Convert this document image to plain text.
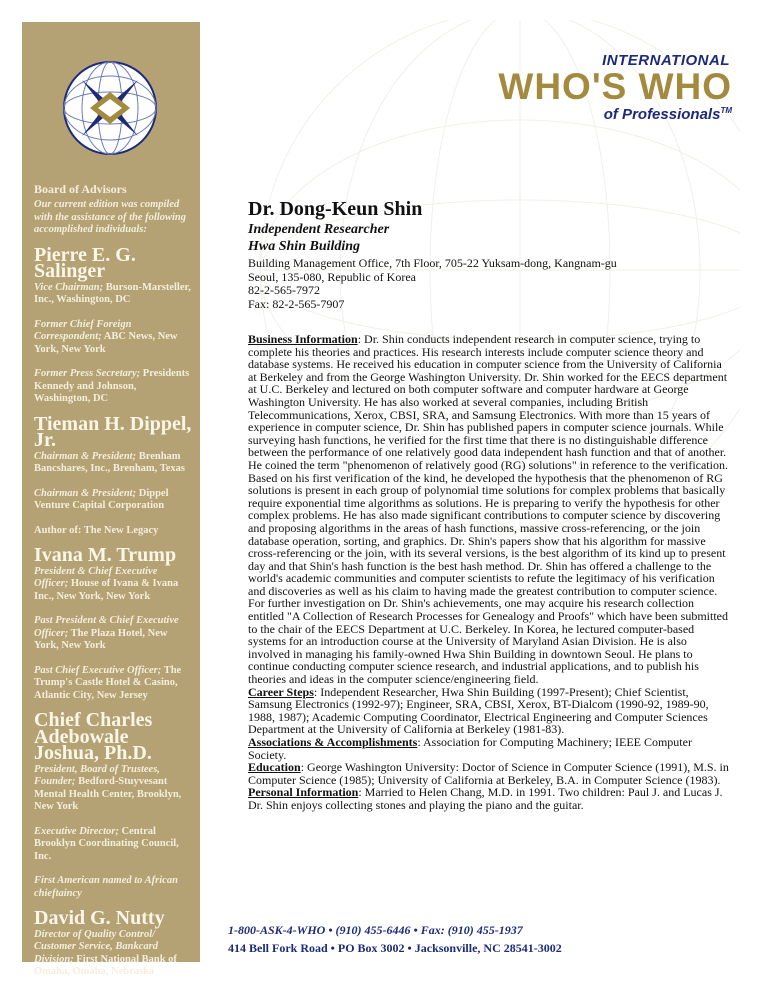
Board of Advisors
Our current edition was compiled with the assistance of the following accomplished individuals:
Pierre E. G. Salinger
Vice Chairman; Burson-Marsteller, Inc., Washington, DC
Former Chief Foreign Correspondent; ABC News, New York, New York
Former Press Secretary; Presidents Kennedy and Johnson, Washington, DC
Tieman H. Dippel, Jr.
Chairman & President; Brenham Bancshares, Inc., Brenham, Texas
Chairman & President; Dippel Venture Capital Corporation
Author of: The New Legacy
Ivana M. Trump
President & Chief Executive Officer; House of Ivana & Ivana Inc., New York, New York
Past President & Chief Executive Officer; The Plaza Hotel, New York, New York
Past Chief Executive Officer; The Trump's Castle Hotel & Casino, Atlantic City, New Jersey
Chief Charles Adebowale Joshua, Ph.D.
President, Board of Trustees, Founder; Bedford-Stuyvesant Mental Health Center, Brooklyn, New York
Executive Director; Central Brooklyn Coordinating Council, Inc.
First American named to African chieftaincy
David G. Nutty
Director of Quality Control/ Customer Service, Bankcard Division; First National Bank of Omaha, Omaha, Nebraska
INTERNATIONAL
WHO'S WHO
of Professionals™
Dr. Dong-Keun Shin
Independent Researcher
Hwa Shin Building
Building Management Office, 7th Floor, 705-22 Yuksam-dong, Kangnam-gu
Seoul, 135-080, Republic of Korea
82-2-565-7972
Fax: 82-2-565-7907

Business Information: Dr. Shin conducts independent research in computer science, trying to complete his theories and practices. His research interests include computer science theory and database systems. He received his education in computer science from the University of California at Berkeley and from the George Washington University. Dr. Shin worked for the EECS department at U.C. Berkeley and lectured on both computer software and computer hardware at George Washington University. He has also worked at several companies, including British Telecommunications, Xerox, CBSI, SRA, and Samsung Electronics. With more than 15 years of experience in computer science, Dr. Shin has published papers in computer science journals. While surveying hash functions, he verified for the first time that there is no distinguishable difference between the performance of one relatively good data independent hash function and that of another. He coined the term "phenomenon of relatively good (RG) solutions" in reference to the verification. Based on his first verification of the kind, he developed the hypothesis that the phenomenon of RG solutions is present in each group of polynomial time solutions for complex problems that basically require exponential time algorithms as solutions. He is preparing to verify the hypothesis for other complex problems. He has also made significant contributions to computer science by discovering and proposing algorithms in the areas of hash functions, massive cross-referencing, or the join database operation, sorting, and graphics. Dr. Shin's papers show that his algorithm for massive cross-referencing or the join, with its several versions, is the best algorithm of its kind up to present day and that Shin's hash function is the best hash method. Dr. Shin has offered a challenge to the world's academic communities and computer scientists to refute the legitimacy of his verification and discoveries as well as his claim to having made the greatest contribution to computer science. For further investigation on Dr. Shin's achievements, one may acquire his research collection entitled "A Collection of Research Processes for Genealogy and Proofs" which have been submitted to the chair of the EECS Department at U.C. Berkeley. In Korea, he lectured computer-based systems for an introduction course at the University of Maryland Asian Division. He is also involved in managing his family-owned Hwa Shin Building in downtown Seoul. He plans to continue conducting computer science research, and industrial applications, and to publish his theories and ideas in the computer science/engineering field.

Career Steps: Independent Researcher, Hwa Shin Building (1997-Present); Chief Scientist, Samsung Electronics (1992-97); Engineer, SRA, CBSI, Xerox, BT-Dialcom (1990-92, 1989-90, 1988, 1987); Academic Computing Coordinator, Electrical Engineering and Computer Sciences Department at the University of California at Berkeley (1981-83).

Associations & Accomplishments: Association for Computing Machinery; IEEE Computer Society.

Education: George Washington University: Doctor of Science in Computer Science (1991), M.S. in Computer Science (1985); University of California at Berkeley, B.A. in Computer Science (1983).

Personal Information: Married to Helen Chang, M.D. in 1991. Two children: Paul J. and Lucas J. Dr. Shin enjoys collecting stones and playing the piano and the guitar.

1-800-ASK-4-WHO • (910) 455-6446 • Fax: (910) 455-1937
414 Bell Fork Road • PO Box 3002 • Jacksonville, NC 28541-3002
